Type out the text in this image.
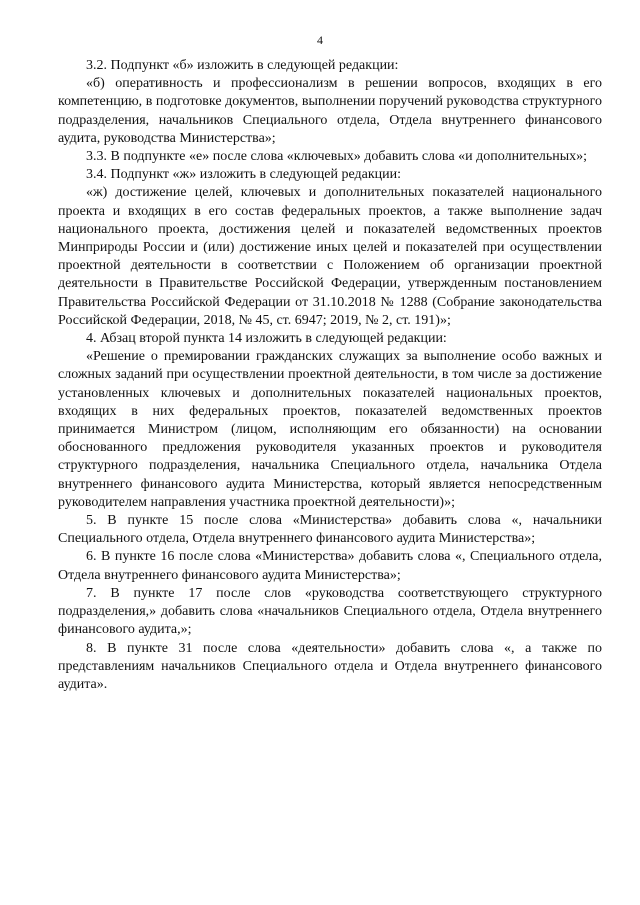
4

3.2. Подпункт «б» изложить в следующей редакции:

«б) оперативность и профессионализм в решении вопросов, входящих в его компетенцию, в подготовке документов, выполнении поручений руководства структурного подразделения, начальников Специального отдела, Отдела внутреннего финансового аудита, руководства Министерства»;

3.3. В подпункте «е» после слова «ключевых» добавить слова «и дополнительных»;

3.4. Подпункт «ж» изложить в следующей редакции:

«ж) достижение целей, ключевых и дополнительных показателей национального проекта и входящих в его состав федеральных проектов, а также выполнение задач национального проекта, достижения целей и показателей ведомственных проектов Минприроды России и (или) достижение иных целей и показателей при осуществлении проектной деятельности в соответствии с Положением об организации проектной деятельности в Правительстве Российской Федерации, утвержденным постановлением Правительства Российской Федерации от 31.10.2018 № 1288 (Собрание законодательства Российской Федерации, 2018, № 45, ст. 6947; 2019, № 2, ст. 191)»;

4. Абзац второй пункта 14 изложить в следующей редакции:

«Решение о премировании гражданских служащих за выполнение особо важных и сложных заданий при осуществлении проектной деятельности, в том числе за достижение установленных ключевых и дополнительных показателей национальных проектов, входящих в них федеральных проектов, показателей ведомственных проектов принимается Министром (лицом, исполняющим его обязанности) на основании обоснованного предложения руководителя указанных проектов и руководителя структурного подразделения, начальника Специального отдела, начальника Отдела внутреннего финансового аудита Министерства, который является непосредственным руководителем направления участника проектной деятельности)»;

5. В пункте 15 после слова «Министерства» добавить слова «, начальники Специального отдела, Отдела внутреннего финансового аудита Министерства»;

6. В пункте 16 после слова «Министерства» добавить слова «, Специального отдела, Отдела внутреннего финансового аудита Министерства»;

7. В пункте 17 после слов «руководства соответствующего структурного подразделения,» добавить слова «начальников Специального отдела, Отдела внутреннего финансового аудита,»;

8. В пункте 31 после слова «деятельности» добавить слова «, а также по представлениям начальников Специального отдела и Отдела внутреннего финансового аудита».
